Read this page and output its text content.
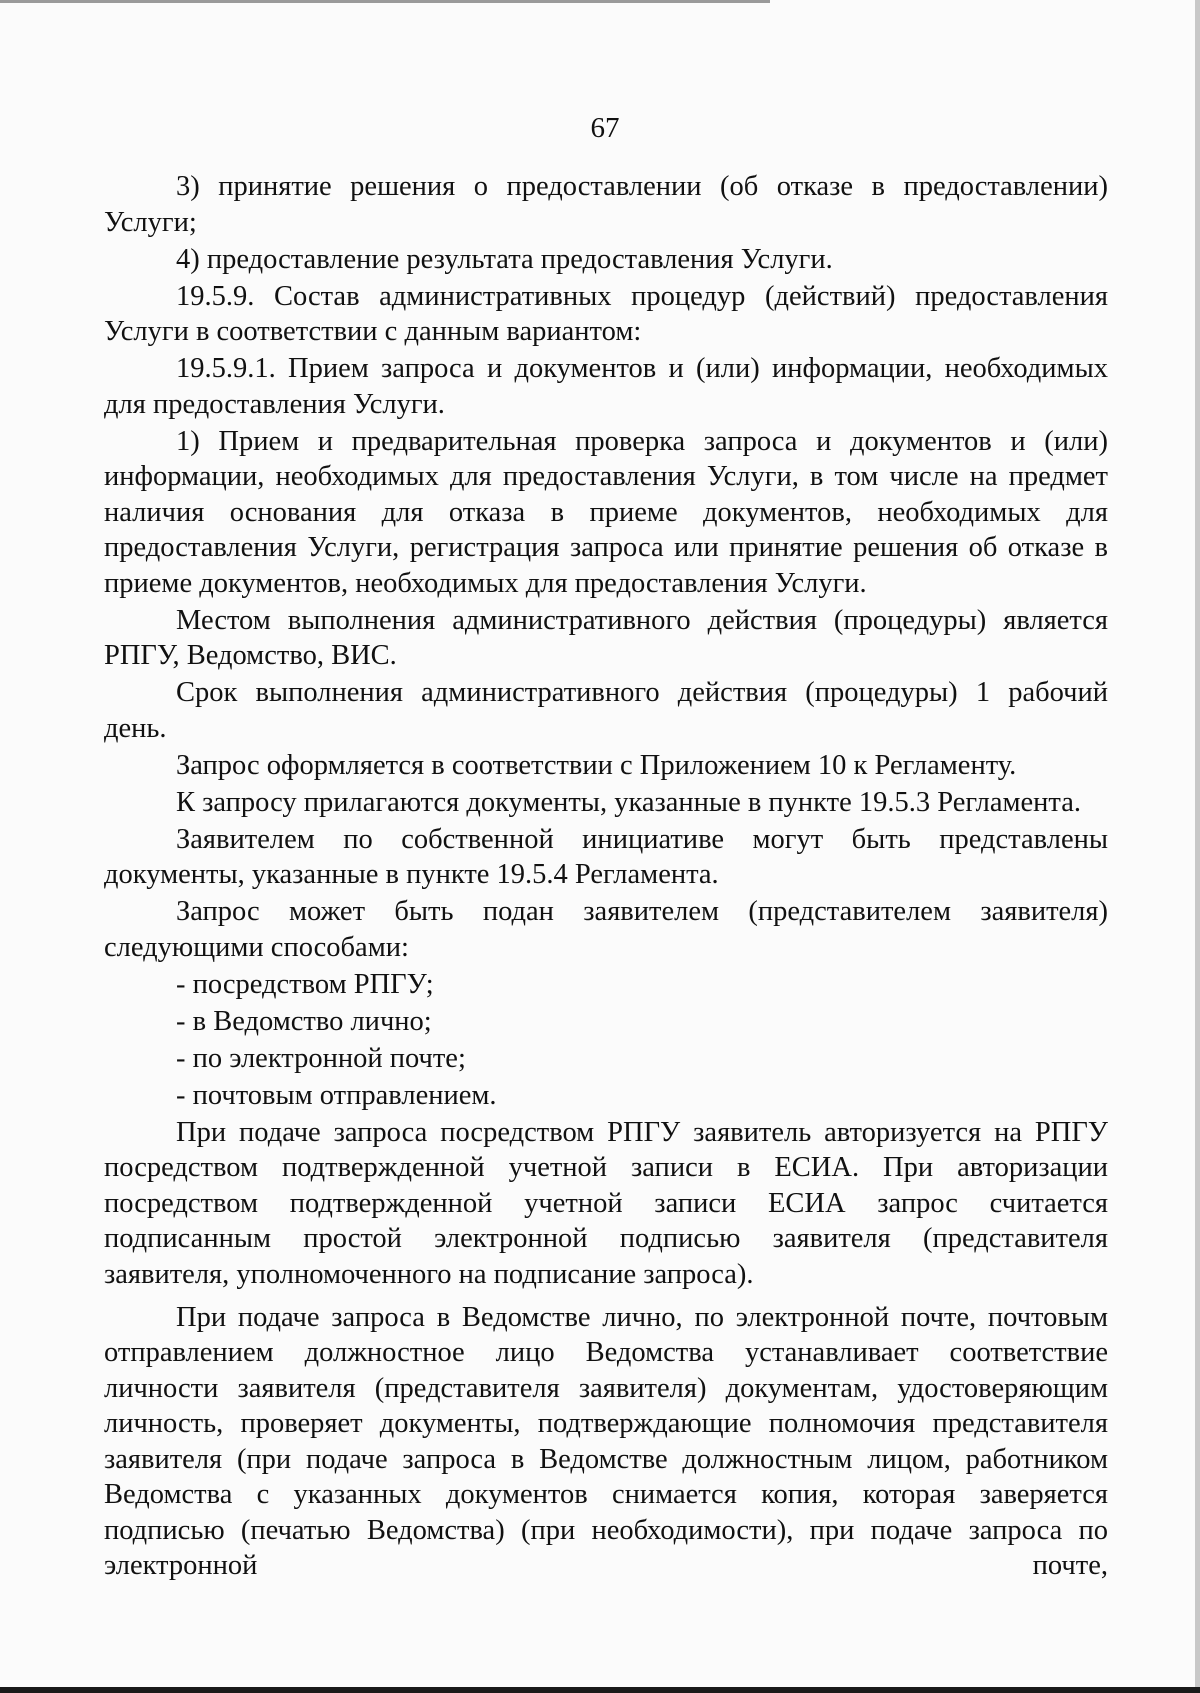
67

3) принятие решения о предоставлении (об отказе в предоставлении) Услуги;

4) предоставление результата предоставления Услуги.

19.5.9. Состав административных процедур (действий) предоставления Услуги в соответствии с данным вариантом:

19.5.9.1. Прием запроса и документов и (или) информации, необходимых для предоставления Услуги.

1) Прием и предварительная проверка запроса и документов и (или) информации, необходимых для предоставления Услуги, в том числе на предмет наличия основания для отказа в приеме документов, необходимых для предоставления Услуги, регистрация запроса или принятие решения об отказе в приеме документов, необходимых для предоставления Услуги.

Местом выполнения административного действия (процедуры) является РПГУ, Ведомство, ВИС.

Срок выполнения административного действия (процедуры) 1 рабочий день.

Запрос оформляется в соответствии с Приложением 10 к Регламенту.

К запросу прилагаются документы, указанные в пункте 19.5.3 Регламента.

Заявителем по собственной инициативе могут быть представлены документы, указанные в пункте 19.5.4 Регламента.

Запрос может быть подан заявителем (представителем заявителя) следующими способами:

- посредством РПГУ;

- в Ведомство лично;

- по электронной почте;

- почтовым отправлением.

При подаче запроса посредством РПГУ заявитель авторизуется на РПГУ посредством подтвержденной учетной записи в ЕСИА. При авторизации посредством подтвержденной учетной записи ЕСИА запрос считается подписанным простой электронной подписью заявителя (представителя заявителя, уполномоченного на подписание запроса).

При подаче запроса в Ведомстве лично, по электронной почте, почтовым отправлением должностное лицо Ведомства устанавливает соответствие личности заявителя (представителя заявителя) документам, удостоверяющим личность, проверяет документы, подтверждающие полномочия представителя заявителя (при подаче запроса в Ведомстве должностным лицом, работником Ведомства с указанных документов снимается копия, которая заверяется подписью (печатью Ведомства) (при необходимости), при подаче запроса по электронной почте,
